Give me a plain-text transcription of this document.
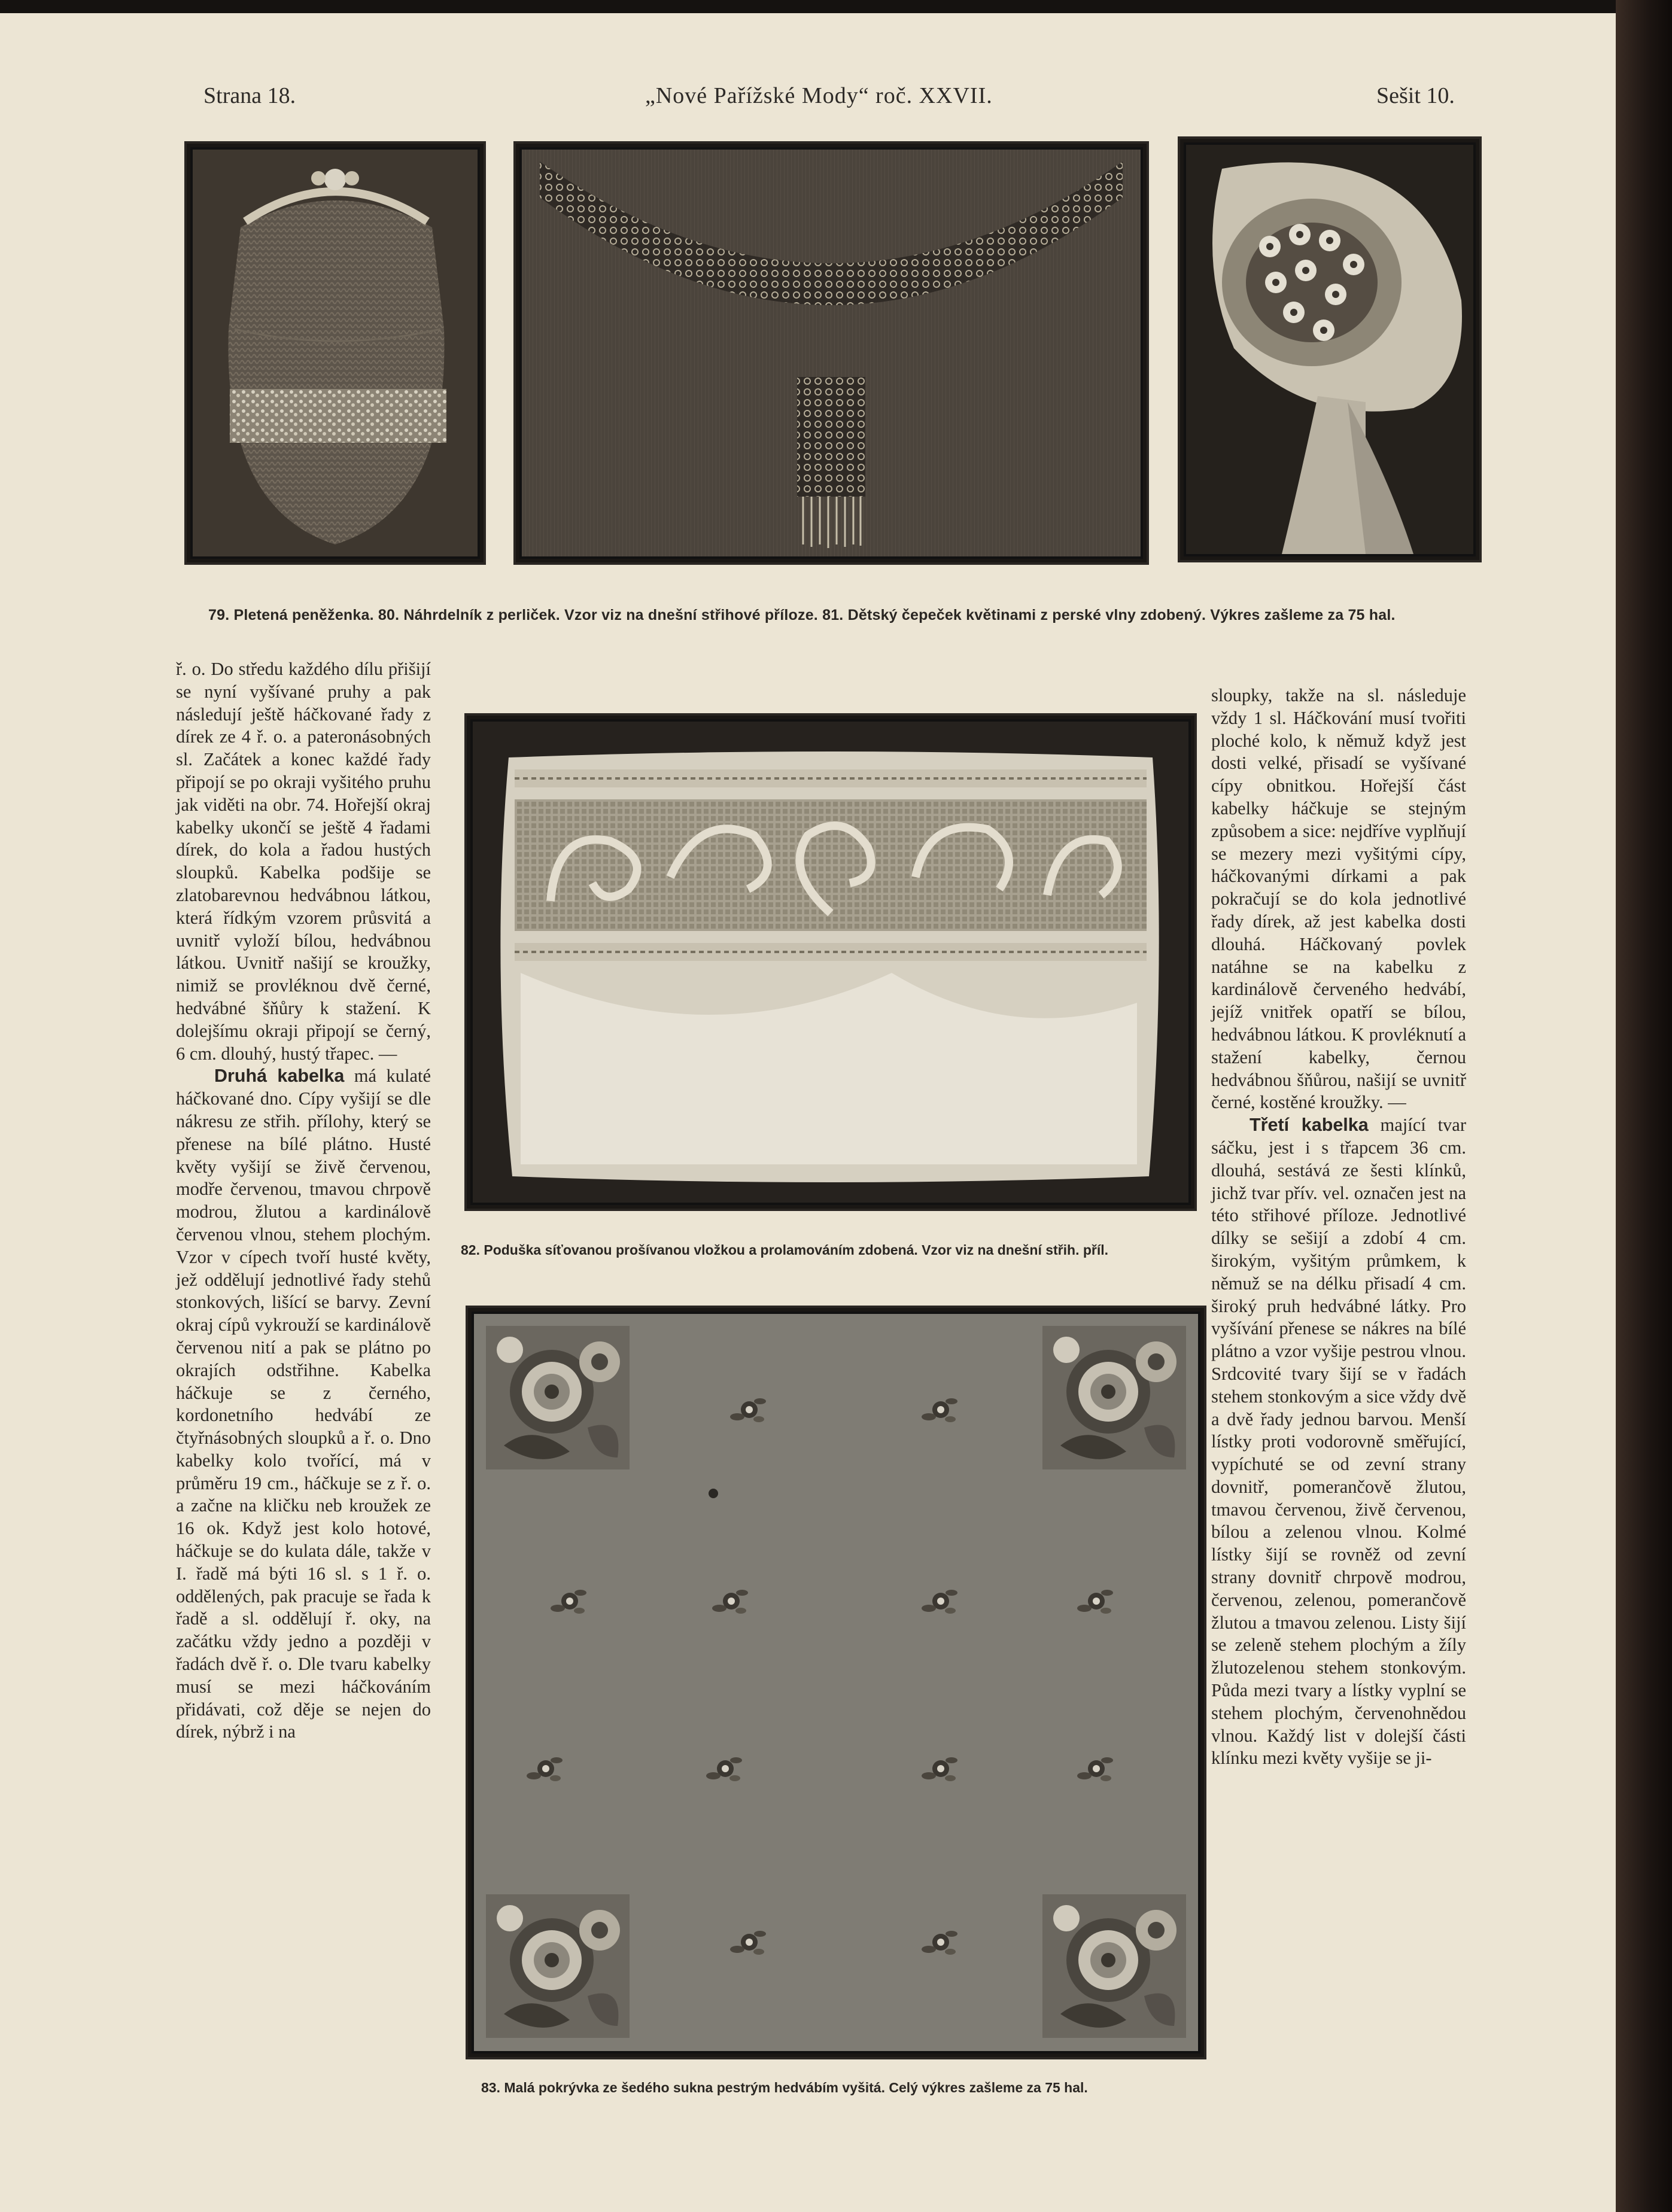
Strana 18.	„Nové Pařížské Mody“ roč. XXVII.	Sešit 10.
79. Pletená peněženka. 80. Náhrdelník z perliček. Vzor viz na dnešní střihové příloze. 81. Dětský čepeček květinami z perské vlny zdobený. Výkres zašleme za 75 hal.

ř. o. Do středu každého dílu přišijí se nyní vyšívané pruhy a pak následují ještě háčkované řady z dírek ze 4 ř. o. a pateronásobných sl. Začátek a konec každé řady připojí se po okraji vyšitého pruhu jak viděti na obr. 74. Hořejší okraj kabelky ukončí se ještě 4 řadami dírek, do kola a řadou hustých sloupků. Kabelka podšije se zlatobarevnou hedvábnou látkou, která řídkým vzorem průsvitá a uvnitř vyloží bílou, hedvábnou látkou. Uvnitř našijí se kroužky, nimiž se provléknou dvě černé, hedvábné šňůry k stažení. K dolejšímu okraji připojí se černý, 6 cm. dlouhý, hustý třapec. —

Druhá kabelka má kulaté háčkované dno. Cípy vyšijí se dle nákresu ze střih. přílohy, který se přenese na bílé plátno. Husté květy vyšijí se živě červenou, modře červenou, tmavou chrpově modrou, žlutou a kardinálově červenou vlnou, stehem plochým. Vzor v cípech tvoří husté květy, jež oddělují jednotlivé řady stehů stonkových, lišící se barvy. Zevní okraj cípů vykrouží se kardinálově červenou nití a pak se plátno po okrajích odstřihne. Kabelka háčkuje se z černého, kordonetního hedvábí ze čtyřnásobných sloupků a ř. o. Dno kabelky kolo tvořící, má v průměru 19 cm., háčkuje se z ř. o. a začne na kličku neb kroužek ze 16 ok. Když jest kolo hotové, háčkuje se do kulata dále, takže v I. řadě má býti 16 sl. s 1 ř. o. oddělených, pak pracuje se řada k řadě a sl. oddělují ř. oky, na začátku vždy jedno a později v řadách dvě ř. o. Dle tvaru kabelky musí se mezi háčkováním přidávati, což děje se nejen do dírek, nýbrž i na

82. Poduška síťovanou prošívanou vložkou a prolamováním zdobená. Vzor viz na dnešní střih. příl.
83. Malá pokrývka ze šedého sukna pestrým hedvábím vyšitá. Celý výkres zašleme za 75 hal.

sloupky, takže na sl. následuje vždy 1 sl. Háčkování musí tvořiti ploché kolo, k němuž když jest dosti velké, přisadí se vyšívané cípy obnitkou. Hořejší část kabelky háčkuje se stejným způsobem a sice: nejdříve vyplňují se mezery mezi vyšitými cípy, háčkovanými dírkami a pak pokračují se do kola jednotlivé řady dírek, až jest kabelka dosti dlouhá. Háčkovaný povlek natáhne se na kabelku z kardinálově červeného hedvábí, jejíž vnitřek opatří se bílou, hedvábnou látkou. K provléknutí a stažení kabelky, černou hedvábnou šňůrou, našijí se uvnitř černé, kostěné kroužky. —

Třetí kabelka mající tvar sáčku, jest i s třapcem 36 cm. dlouhá, sestává ze šesti klínků, jichž tvar přív. vel. označen jest na této střihové příloze. Jednotlivé dílky se sešijí a zdobí 4 cm. širokým, vyšitým průmkem, k němuž se na délku přisadí 4 cm. široký pruh hedvábné látky. Pro vyšívání přenese se nákres na bílé plátno a vzor vyšije pestrou vlnou. Srdcovité tvary šijí se v řadách stehem stonkovým a sice vždy dvě a dvě řady jednou barvou. Menší lístky proti vodorovně směřující, vypíchuté se od zevní strany dovnitř, pomerančově žlutou, tmavou červenou, živě červenou, bílou a zelenou vlnou. Kolmé lístky šijí se rovněž od zevní strany dovnitř chrpově modrou, červenou, zelenou, pomerančově žlutou a tmavou zelenou. Listy šijí se zeleně stehem plochým a žíly žlutozelenou stehem stonkovým. Půda mezi tvary a lístky vyplní se stehem plochým, červenohnědou vlnou. Každý list v dolejší části klínku mezi květy vyšije se ji-
